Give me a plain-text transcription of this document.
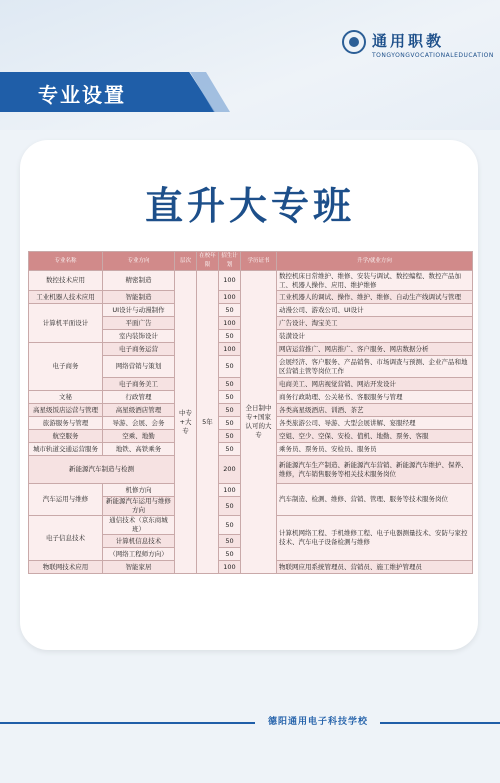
通用职教
TONGYONGVOCATIONALEDUCATION
专业设置
直升大专班
专业名称	专业方向	层次	在校年限	招生计划	学历证书	升学/就业方向
数控技术应用	精密制造	中专+大专	5年	100	全日制中专+国家认可的大专	数控机床日常维护、维修、安装与调试、数控编程、数控产品加工、机器人操作、应用、维护维修
工业机器人技术应用	智能制造			100		工业机器人的调试、操作、维护、维修、自动生产线调试与管理
计算机平面设计	UI设计与动漫制作			50		动漫公司、游戏公司、UI设计
	平面广告			100		广告设计、淘宝美工
	室内装饰设计			50		装潢设计
电子商务	电子商务运营			100		网店运营推广、网店推广、客户服务、网店数据分析
	网络营销与策划			50		会展经济、客户服务、产品销售、市场调查与预测、企业产品和地区营销主管等岗位工作
	电子商务美工			50		电商美工、网店视觉营销、网站开发设计
文秘	行政管理			50		商务行政助理、公关秘书、客服服务与管理
高星级饭店运营与管理	高星级酒店管理			50		各类高星级酒店、训酒、茶艺
旅游服务与管理	导游、会展、会务			50		各类旅游公司、导游、大型会展讲解、宴服经理
航空服务	空乘、地勤			50		空姐、空少、空保、安检、值机、地勤、票务、客服
城市轨道交通运营服务	地铁、高铁乘务			50		乘务员、票务员、安检员、服务员
新能源汽车制造与检测				200		新能源汽车生产制造、新能源汽车营销、新能源汽车维护、保养、维修，汽车销售服务等相关技术服务岗位
汽车运用与维修	机修方向			100		汽车制造、检测、维修、营销、管理、服务等技术服务岗位
	新能源汽车运用与维修方向			50		
电子信息技术	通信技术（京东商城班）			50		计算机网络工程、手机维修工程、电子电器测量技术、安防与家控技术、汽车电子设备检测与维修
	计算机信息技术			50		
	（网络工程师方向）			50		
物联网技术应用	智能家居			100		物联网应用系统管理员、营销员、施工维护管理员
德阳通用电子科技学校
